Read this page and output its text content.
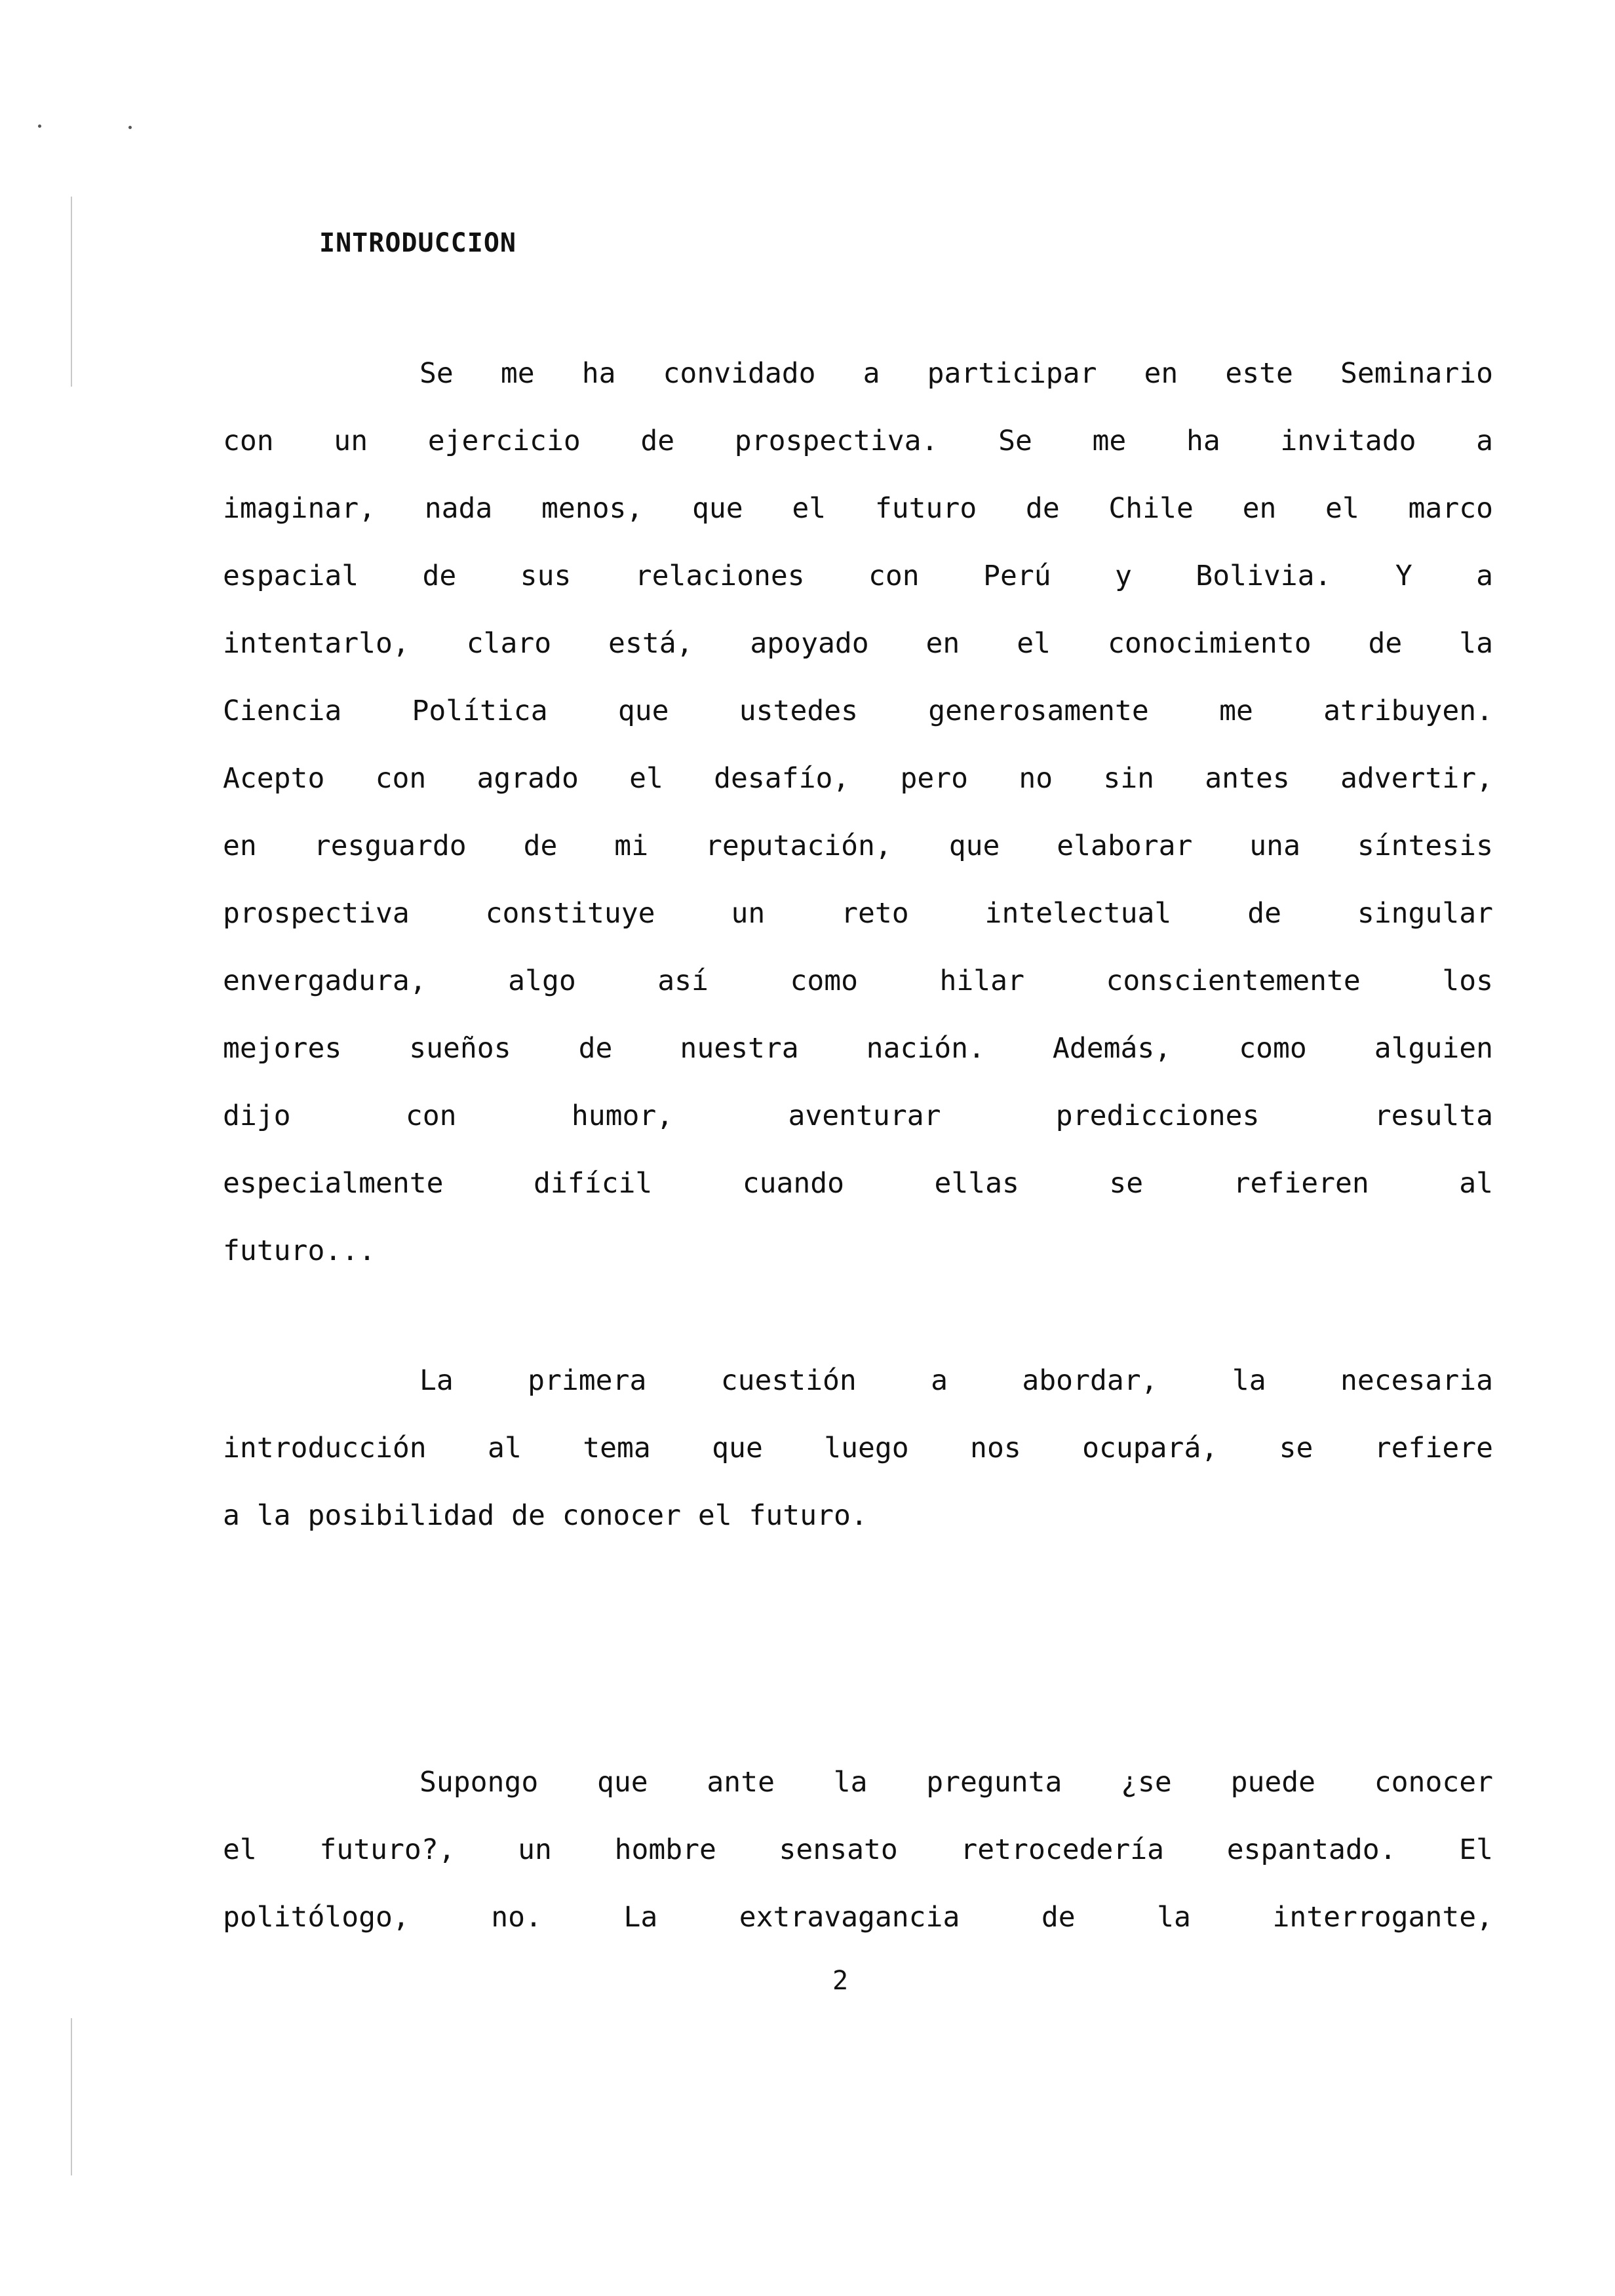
INTRODUCCION
Se me ha convidado a participar en este Seminario
con un ejercicio de prospectiva. Se me ha invitado a
imaginar, nada menos, que el futuro de Chile en el marco
espacial de sus relaciones con Perú y Bolivia. Y a
intentarlo, claro está, apoyado en el conocimiento de la
Ciencia Política que ustedes generosamente me atribuyen.
Acepto con agrado el desafío, pero no sin antes advertir,
en resguardo de mi reputación, que elaborar una síntesis
prospectiva constituye un reto intelectual de singular
envergadura, algo así como hilar conscientemente los
mejores sueños de nuestra nación. Además, como alguien
dijo con humor, aventurar predicciones resulta
especialmente difícil cuando ellas se refieren al
futuro...
La primera cuestión a abordar, la necesaria
introducción al tema que luego nos ocupará, se refiere
a la posibilidad de conocer el futuro.
Supongo que ante la pregunta ¿se puede conocer
el futuro?, un hombre sensato retrocedería espantado. El
politólogo, no. La extravagancia de la interrogante,
2
